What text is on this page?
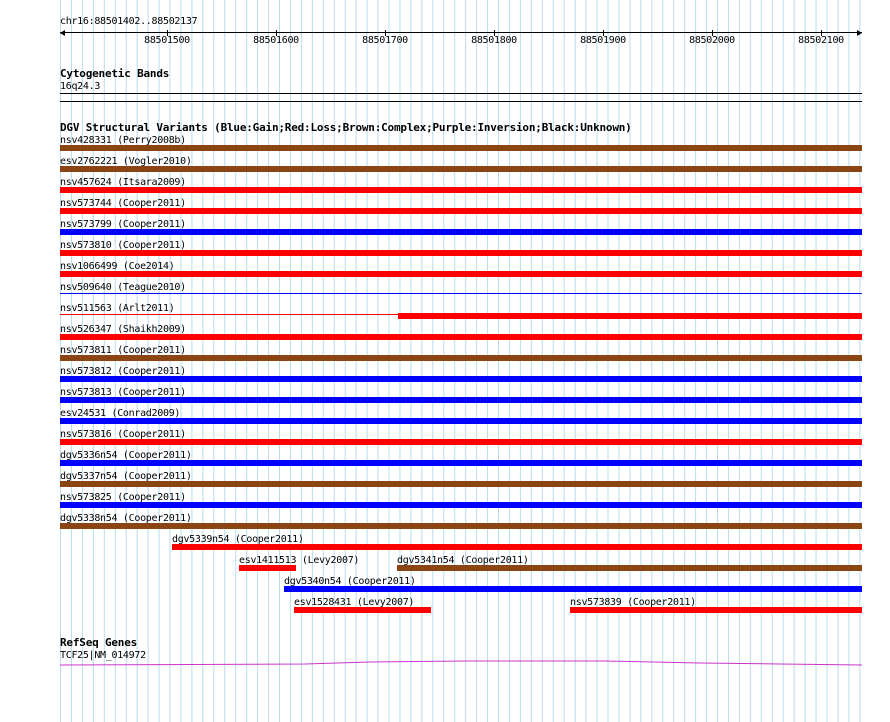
chr16:88501402..88502137
88501500	88501600	88501700	88501800	88501900	88502000	88502100
Cytogenetic Bands
16q24.3
DGV Structural Variants (Blue:Gain;Red:Loss;Brown:Complex;Purple:Inversion;Black:Unknown)
nsv428331 (Perry2008b)
esv2762221 (Vogler2010)
nsv457624 (Itsara2009)
nsv573744 (Cooper2011)
nsv573799 (Cooper2011)
nsv573810 (Cooper2011)
nsv1066499 (Coe2014)
nsv509640 (Teague2010)
nsv511563 (Arlt2011)
nsv526347 (Shaikh2009)
nsv573811 (Cooper2011)
nsv573812 (Cooper2011)
nsv573813 (Cooper2011)
esv24531 (Conrad2009)
nsv573816 (Cooper2011)
dgv5336n54 (Cooper2011)
dgv5337n54 (Cooper2011)
nsv573825 (Cooper2011)
dgv5338n54 (Cooper2011)
dgv5339n54 (Cooper2011)
esv1411513 (Levy2007)	dgv5341n54 (Cooper2011)
dgv5340n54 (Cooper2011)
esv1528431 (Levy2007)	nsv573839 (Cooper2011)
RefSeq Genes
TCF25|NM_014972
